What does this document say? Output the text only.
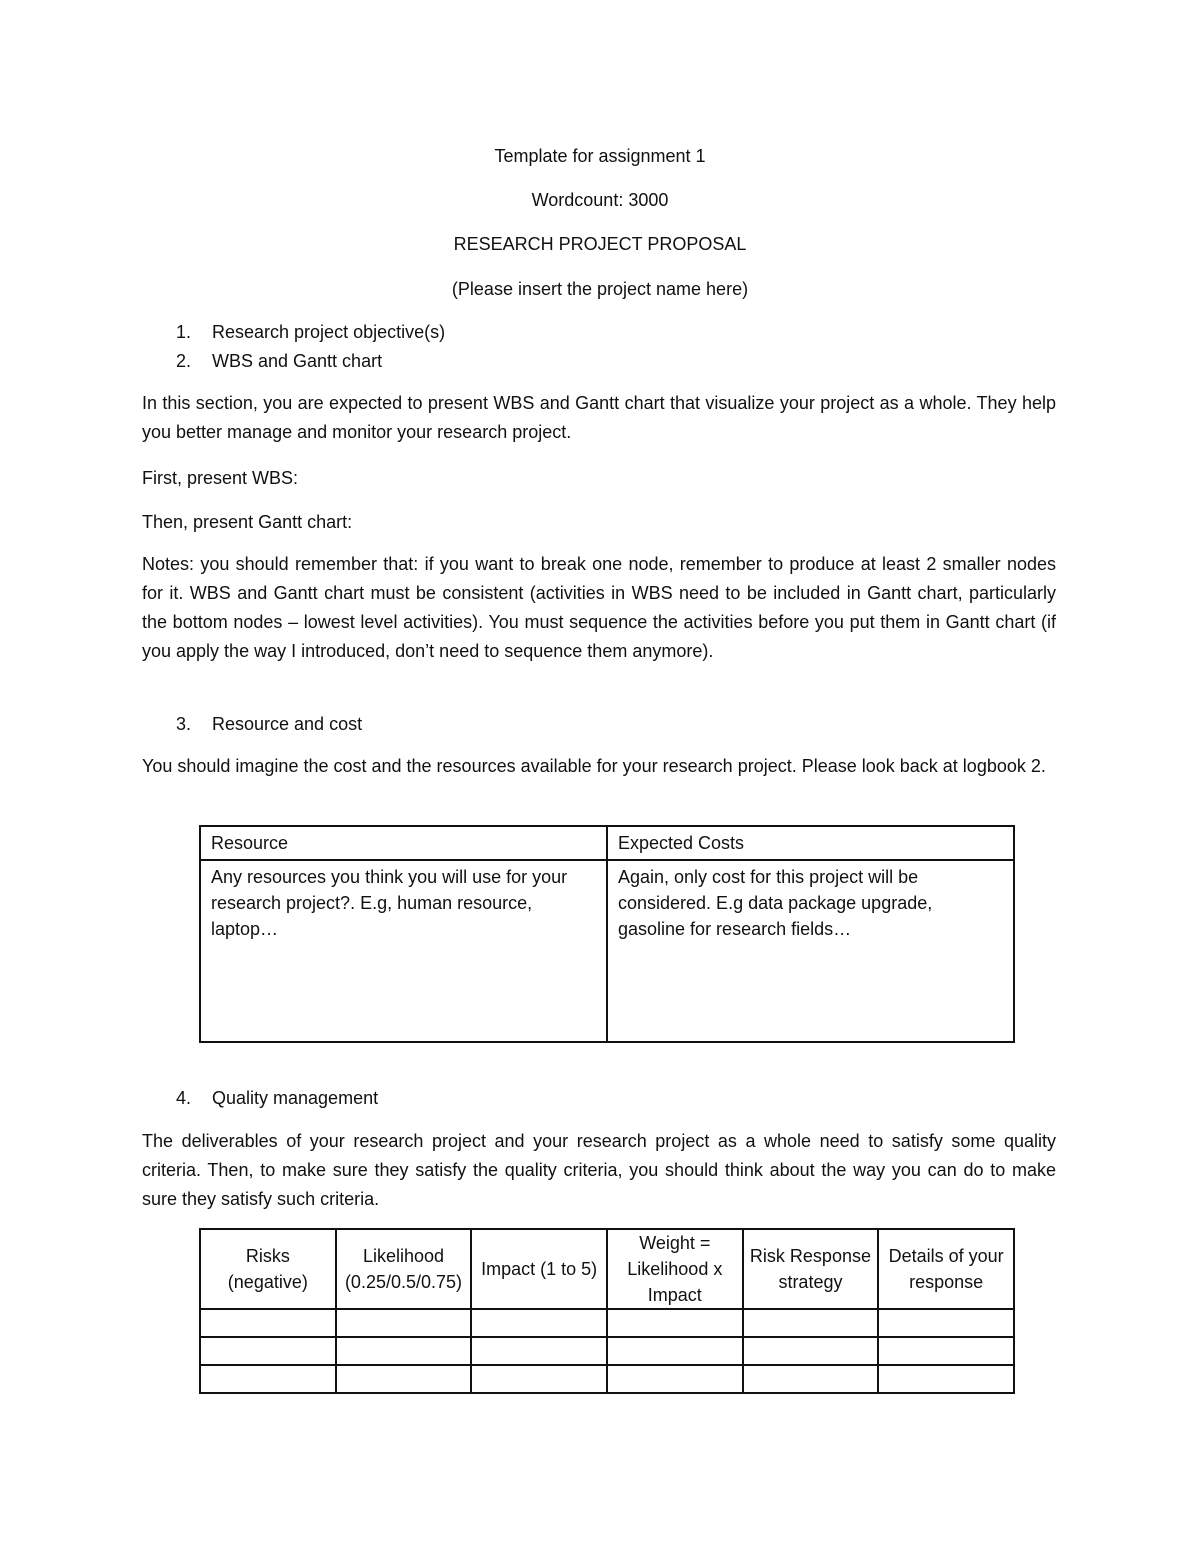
Template for assignment 1
Wordcount: 3000
RESEARCH PROJECT PROPOSAL
(Please insert the project name here)
1. Research project objective(s)
2. WBS and Gantt chart

In this section, you are expected to present WBS and Gantt chart that visualize your project as a whole. They help you better manage and monitor your research project.

First, present WBS:

Then, present Gantt chart:

Notes: you should remember that: if you want to break one node, remember to produce at least 2 smaller nodes for it. WBS and Gantt chart must be consistent (activities in WBS need to be included in Gantt chart, particularly the bottom nodes – lowest level activities). You must sequence the activities before you put them in Gantt chart (if you apply the way I introduced, don’t need to sequence them anymore).

3. Resource and cost

You should imagine the cost and the resources available for your research project. Please look back at logbook 2.

Resource	Expected Costs
Any resources you think you will use for your research project?. E.g, human resource, laptop…	Again, only cost for this project will be considered. E.g data package upgrade, gasoline for research fields…
4. Quality management

The deliverables of your research project and your research project as a whole need to satisfy some quality criteria. Then, to make sure they satisfy the quality criteria, you should think about the way you can do to make sure they satisfy such criteria.

Risks (negative)	Likelihood (0.25/0.5/0.75)	Impact (1 to 5)	Weight = Likelihood x Impact	Risk Response strategy	Details of your response
